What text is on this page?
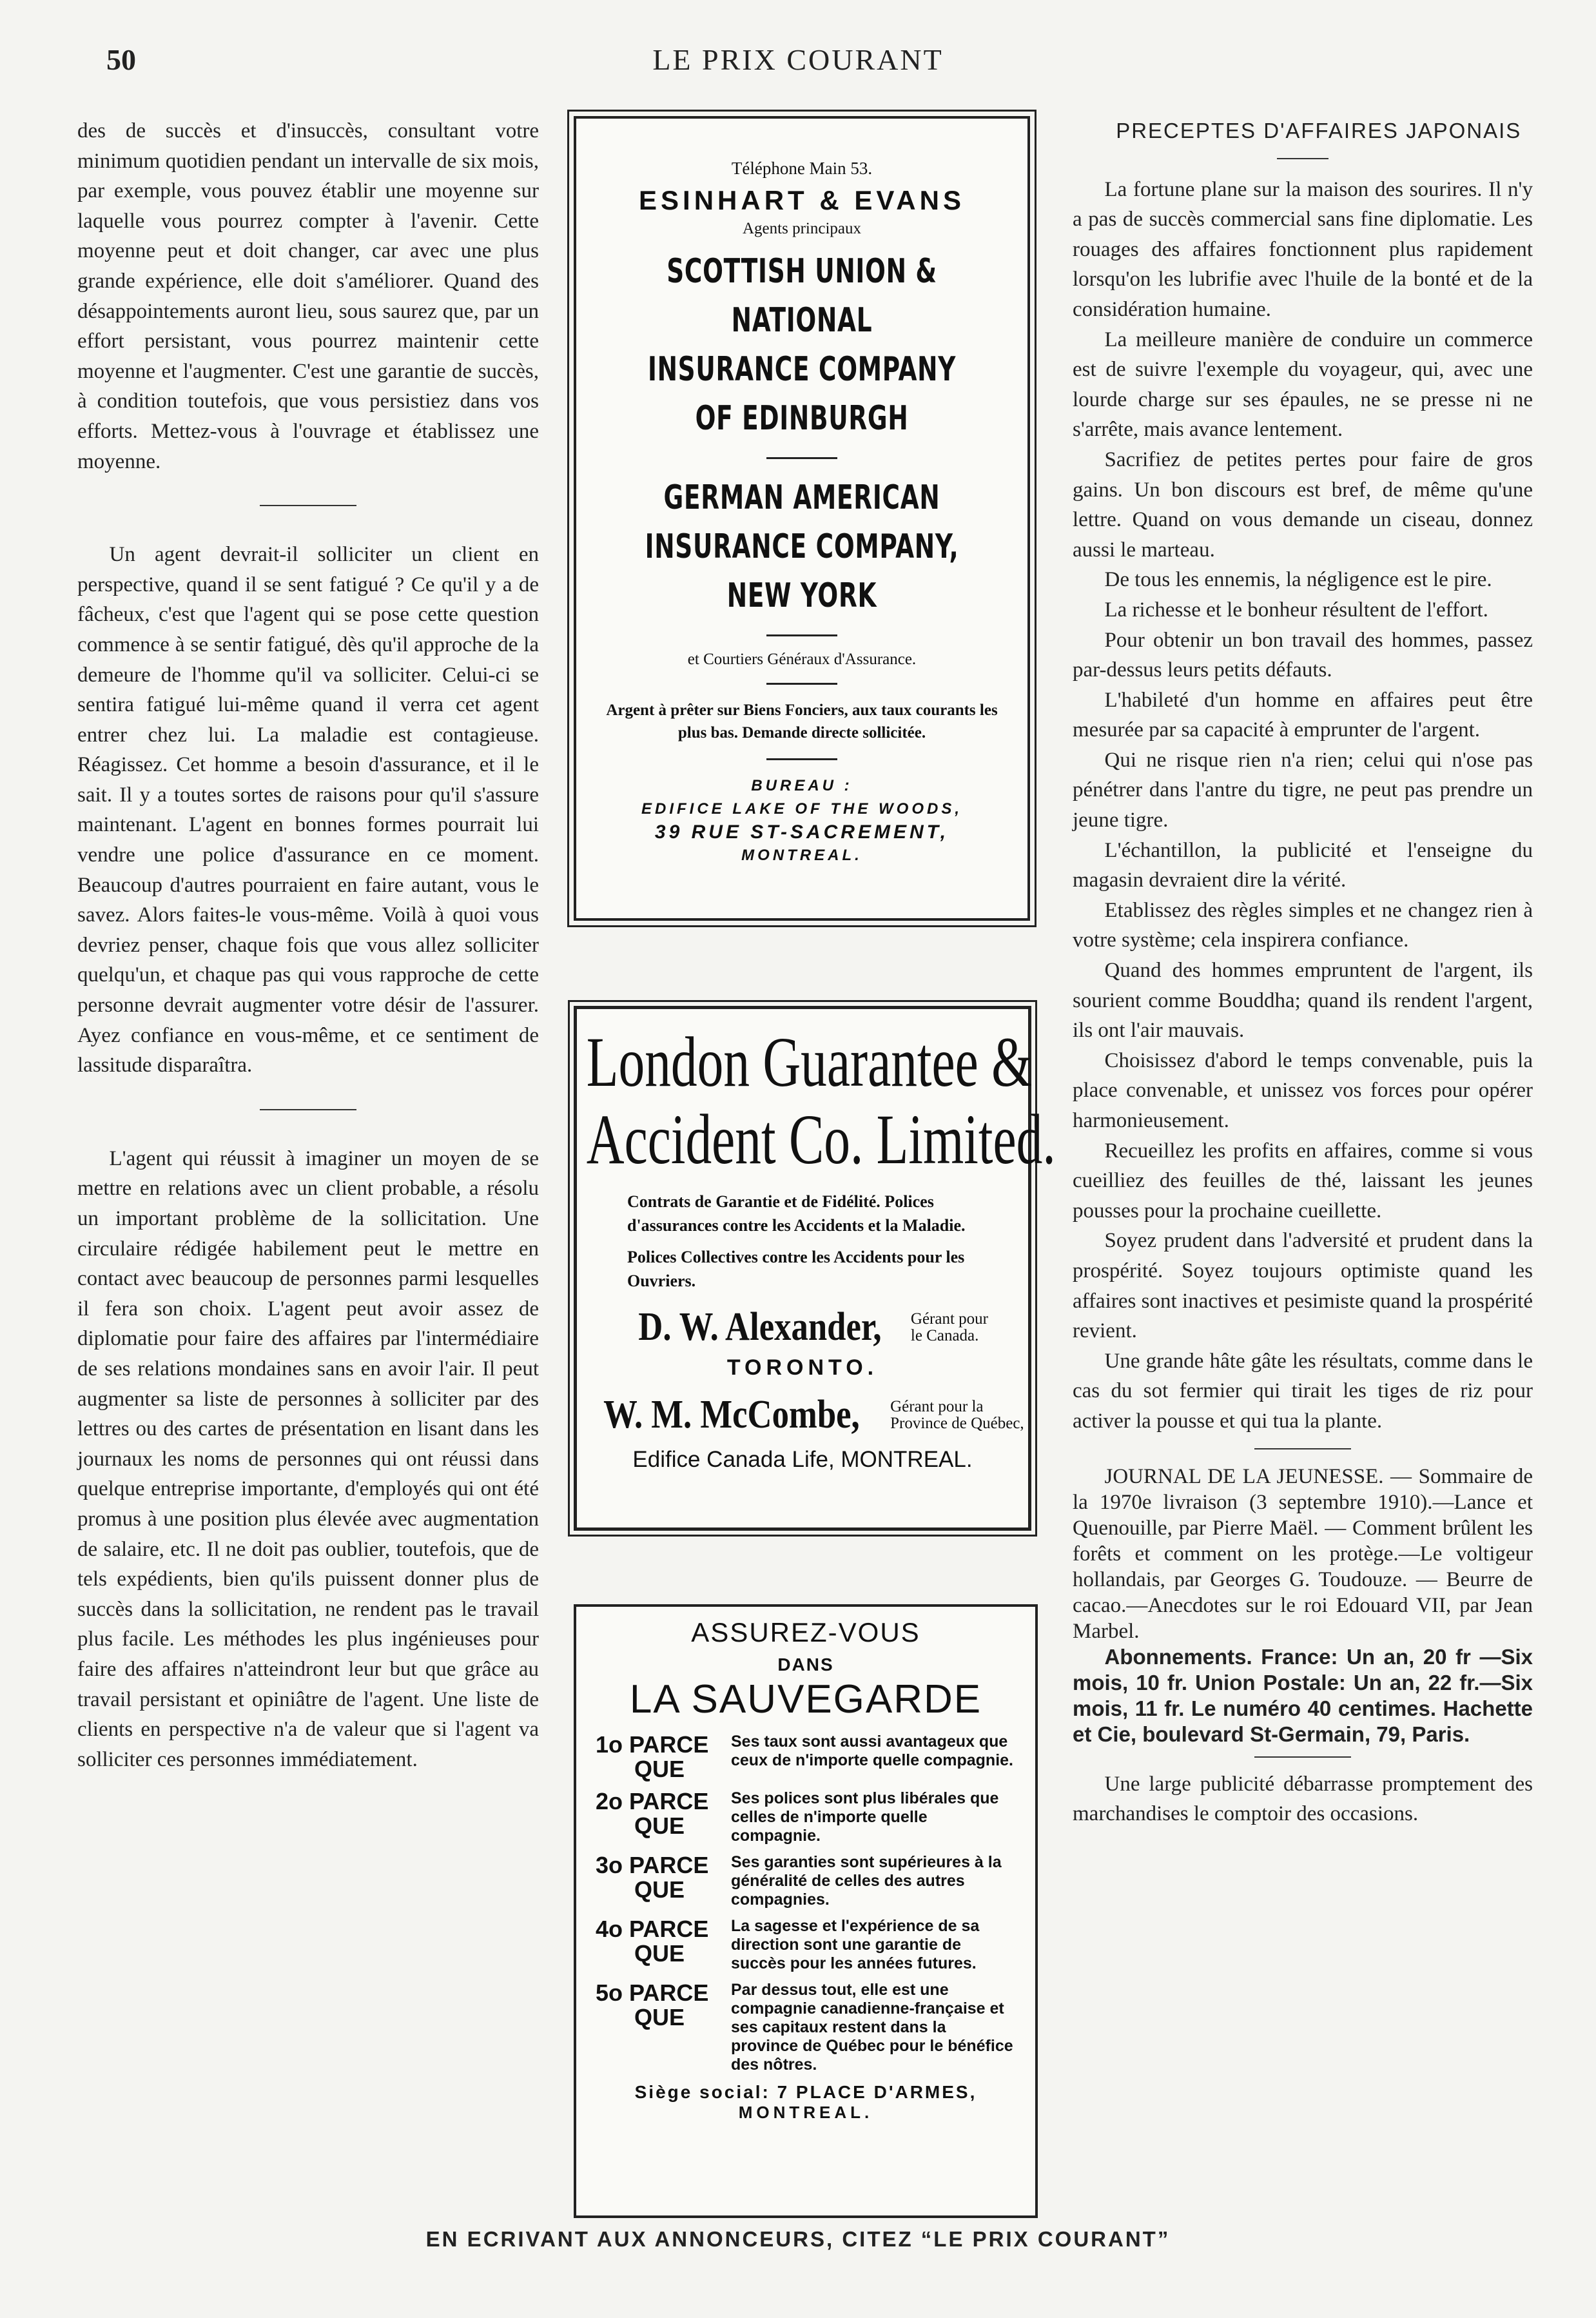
50	LE PRIX COURANT

des de succès et d'insuccès, consultant votre minimum quotidien pendant un intervalle de six mois, par exemple, vous pouvez établir une moyenne sur laquelle vous pourrez compter à l'avenir. Cette moyenne peut et doit changer, car avec une plus grande expérience, elle doit s'améliorer. Quand des désappointements auront lieu, sous saurez que, par un effort persistant, vous pourrez maintenir cette moyenne et l'augmenter. C'est une garantie de succès, à condition toutefois, que vous persistiez dans vos efforts. Mettez-vous à l'ouvrage et établissez une moyenne.

Un agent devrait-il solliciter un client en perspective, quand il se sent fatigué ? Ce qu'il y a de fâcheux, c'est que l'agent qui se pose cette question commence à se sentir fatigué, dès qu'il approche de la demeure de l'homme qu'il va solliciter. Celui-ci se sentira fatigué lui-même quand il verra cet agent entrer chez lui. La maladie est contagieuse. Réagissez. Cet homme a besoin d'assurance, et il le sait. Il y a toutes sortes de raisons pour qu'il s'assure maintenant. L'agent en bonnes formes pourrait lui vendre une police d'assurance en ce moment. Beaucoup d'autres pourraient en faire autant, vous le savez. Alors faites-le vous-même. Voilà à quoi vous devriez penser, chaque fois que vous allez solliciter quelqu'un, et chaque pas qui vous rapproche de cette personne devrait augmenter votre désir de l'assurer. Ayez confiance en vous-même, et ce sentiment de lassitude disparaîtra.

L'agent qui réussit à imaginer un moyen de se mettre en relations avec un client probable, a résolu un important problème de la sollicitation. Une circulaire rédigée habilement peut le mettre en contact avec beaucoup de personnes parmi lesquelles il fera son choix. L'agent peut avoir assez de diplomatie pour faire des affaires par l'intermédiaire de ses relations mondaines sans en avoir l'air. Il peut augmenter sa liste de personnes à solliciter par des lettres ou des cartes de présentation en lisant dans les journaux les noms de personnes qui ont réussi dans quelque entreprise importante, d'employés qui ont été promus à une position plus élevée avec augmentation de salaire, etc. Il ne doit pas oublier, toutefois, que de tels expédients, bien qu'ils puissent donner plus de succès dans la sollicitation, ne rendent pas le travail plus facile. Les méthodes les plus ingénieuses pour faire des affaires n'atteindront leur but que grâce au travail persistant et opiniâtre de l'agent. Une liste de clients en perspective n'a de valeur que si l'agent va solliciter ces personnes immédiatement.

Téléphone Main 53.
ESINHART & EVANS
Agents principaux
SCOTTISH UNION & NATIONAL
INSURANCE COMPANY
OF EDINBURGH
GERMAN AMERICAN
INSURANCE COMPANY,
NEW YORK
et Courtiers Généraux d'Assurance.
Argent à prêter sur Biens Fonciers, aux taux courants les plus bas. Demande directe sollicitée.
BUREAU :
EDIFICE LAKE OF THE WOODS,
39 RUE ST-SACREMENT,
MONTREAL.
London Guarantee &
Accident Co. Limited.

Contrats de Garantie et de Fidélité. Polices d'assurances contre les Accidents et la Maladie.

Polices Collectives contre les Accidents pour les Ouvriers.

D. W. Alexander, Gérant pour
le Canada.
TORONTO.
W. M. McCombe, Gérant pour la
Province de Québec,
Edifice Canada Life, MONTREAL.
ASSUREZ-VOUS
DANS
LA SAUVEGARDE
1o PARCE
QUE
Ses taux sont aussi avantageux que ceux de n'importe quelle compagnie.
2o PARCE
QUE
Ses polices sont plus libérales que celles de n'importe quelle compagnie.
3o PARCE
QUE
Ses garanties sont supérieures à la généralité de celles des autres compagnies.
4o PARCE
QUE
La sagesse et l'expérience de sa direction sont une garantie de succès pour les années futures.
5o PARCE
QUE
Par dessus tout, elle est une compagnie canadienne-française et ses capitaux restent dans la province de Québec pour le bénéfice des nôtres.
Siège social: 7 PLACE D'ARMES,
MONTREAL.

PRECEPTES D'AFFAIRES JAPONAIS

La fortune plane sur la maison des sourires. Il n'y a pas de succès commercial sans fine diplomatie. Les rouages des affaires fonctionnent plus rapidement lorsqu'on les lubrifie avec l'huile de la bonté et de la considération humaine.

La meilleure manière de conduire un commerce est de suivre l'exemple du voyageur, qui, avec une lourde charge sur ses épaules, ne se presse ni ne s'arrête, mais avance lentement.

Sacrifiez de petites pertes pour faire de gros gains. Un bon discours est bref, de même qu'une lettre. Quand on vous demande un ciseau, donnez aussi le marteau.

De tous les ennemis, la négligence est le pire.

La richesse et le bonheur résultent de l'effort.

Pour obtenir un bon travail des hommes, passez par-dessus leurs petits défauts.

L'habileté d'un homme en affaires peut être mesurée par sa capacité à emprunter de l'argent.

Qui ne risque rien n'a rien; celui qui n'ose pas pénétrer dans l'antre du tigre, ne peut pas prendre un jeune tigre.

L'échantillon, la publicité et l'enseigne du magasin devraient dire la vérité.

Etablissez des règles simples et ne changez rien à votre système; cela inspirera confiance.

Quand des hommes empruntent de l'argent, ils sourient comme Bouddha; quand ils rendent l'argent, ils ont l'air mauvais.

Choisissez d'abord le temps convenable, puis la place convenable, et unissez vos forces pour opérer harmonieusement.

Recueillez les profits en affaires, comme si vous cueilliez des feuilles de thé, laissant les jeunes pousses pour la prochaine cueillette.

Soyez prudent dans l'adversité et prudent dans la prospérité. Soyez toujours optimiste quand les affaires sont inactives et pesimiste quand la prospérité revient.

Une grande hâte gâte les résultats, comme dans le cas du sot fermier qui tirait les tiges de riz pour activer la pousse et qui tua la plante.

JOURNAL DE LA JEUNESSE. — Sommaire de la 1970e livraison (3 septembre 1910).—Lance et Quenouille, par Pierre Maël. — Comment brûlent les forêts et comment on les protège.—Le voltigeur hollandais, par Georges G. Toudouze. — Beurre de cacao.—Anecdotes sur le roi Edouard VII, par Jean Marbel.

Abonnements. France: Un an, 20 fr —Six mois, 10 fr. Union Postale: Un an, 22 fr.—Six mois, 11 fr. Le numéro 40 centimes. Hachette et Cie, boulevard St-Germain, 79, Paris.

Une large publicité débarrasse promptement des marchandises le comptoir des occasions.

EN ECRIVANT AUX ANNONCEURS, CITEZ “LE PRIX COURANT”
